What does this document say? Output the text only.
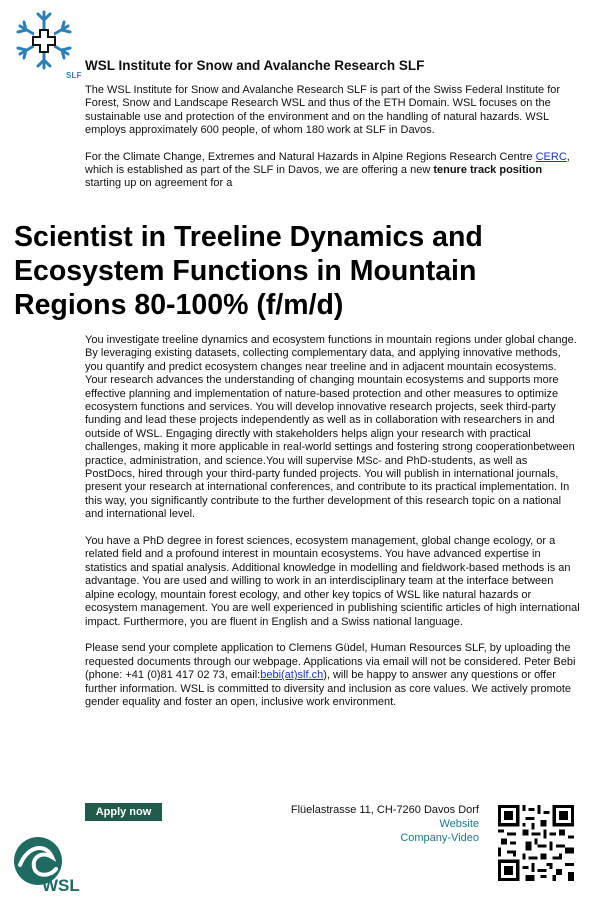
SLF
WSL Institute for Snow and Avalanche Research SLF

The WSL Institute for Snow and Avalanche Research SLF is part of the Swiss Federal Institute for Forest, Snow and Landscape Research WSL and thus of the ETH Domain. WSL focuses on the sustainable use and protection of the environment and on the handling of natural hazards. WSL employs approximately 600 people, of whom 180 work at SLF in Davos.

For the Climate Change, Extremes and Natural Hazards in Alpine Regions Research Centre CERC, which is established as part of the SLF in Davos, we are offering a new tenure track position starting up on agreement for a

Scientist in Treeline Dynamics and Ecosystem Functions in Mountain Regions 80-100% (f/m/d)

You investigate treeline dynamics and ecosystem functions in mountain regions under global change. By leveraging existing datasets, collecting complementary data, and applying innovative methods, you quantify and predict ecosystem changes near treeline and in adjacent mountain ecosystems. Your research advances the understanding of changing mountain ecosystems and supports more effective planning and implementation of nature-based protection and other measures to optimize ecosystem functions and services. You will develop innovative research projects, seek third-party funding and lead these projects independently as well as in collaboration with researchers in and outside of WSL. Engaging directly with stakeholders helps align your research with practical challenges, making it more applicable in real-world settings and fostering strong cooperationbetween practice, administration, and science.You will supervise MSc- and PhD-students, as well as PostDocs, hired through your third-party funded projects. You will publish in international journals, present your research at international conferences, and contribute to its practical implementation. In this way, you significantly contribute to the further development of this research topic on a national and international level.

You have a PhD degree in forest sciences, ecosystem management, global change ecology, or a related field and a profound interest in mountain ecosystems. You have advanced expertise in statistics and spatial analysis. Additional knowledge in modelling and fieldwork-based methods is an advantage. You are used and willing to work in an interdisciplinary team at the interface between alpine ecology, mountain forest ecology, and other key topics of WSL like natural hazards or ecosystem management. You are well experienced in publishing scientific articles of high international impact. Furthermore, you are fluent in English and a Swiss national language.

Please send your complete application to Clemens Güdel, Human Resources SLF, by uploading the requested documents through our webpage. Applications via email will not be considered. Peter Bebi (phone: +41 (0)81 417 02 73, email:bebi(at)slf.ch), will be happy to answer any questions or offer further information. WSL is committed to diversity and inclusion as core values. We actively promote gender equality and foster an open, inclusive work environment.

Apply now	Flüelastrasse 11, CH-7260 Davos Dorf
Website
Company-Video
WSL
